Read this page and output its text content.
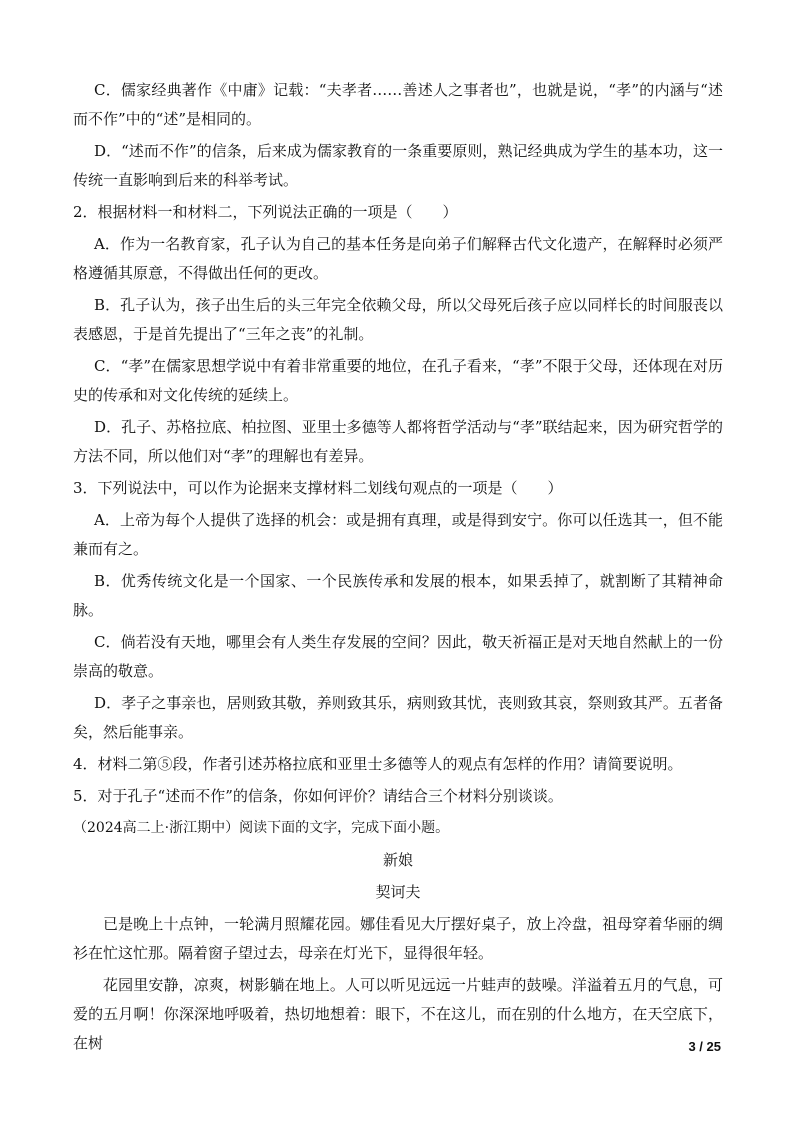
C．儒家经典著作《中庸》记载：“夫孝者……善述人之事者也”，也就是说，“孝”的内涵与“述而不作”中的“述”是相同的。

D．“述而不作”的信条，后来成为儒家教育的一条重要原则，熟记经典成为学生的基本功，这一传统一直影响到后来的科举考试。

2．根据材料一和材料二，下列说法正确的一项是（　　）

A．作为一名教育家，孔子认为自己的基本任务是向弟子们解释古代文化遗产，在解释时必须严格遵循其原意，不得做出任何的更改。

B．孔子认为，孩子出生后的头三年完全依赖父母，所以父母死后孩子应以同样长的时间服丧以表感恩，于是首先提出了“三年之丧”的礼制。

C．“孝”在儒家思想学说中有着非常重要的地位，在孔子看来，“孝”不限于父母，还体现在对历史的传承和对文化传统的延续上。

D．孔子、苏格拉底、柏拉图、亚里士多德等人都将哲学活动与“孝”联结起来，因为研究哲学的方法不同，所以他们对“孝”的理解也有差异。

3．下列说法中，可以作为论据来支撑材料二划线句观点的一项是（　　）

A．上帝为每个人提供了选择的机会：或是拥有真理，或是得到安宁。你可以任选其一，但不能兼而有之。

B．优秀传统文化是一个国家、一个民族传承和发展的根本，如果丢掉了，就割断了其精神命脉。

C．倘若没有天地，哪里会有人类生存发展的空间？因此，敬天祈福正是对天地自然献上的一份崇高的敬意。

D．孝子之事亲也，居则致其敬，养则致其乐，病则致其忧，丧则致其哀，祭则致其严。五者备矣，然后能事亲。

4．材料二第⑤段，作者引述苏格拉底和亚里士多德等人的观点有怎样的作用？请简要说明。

5．对于孔子“述而不作”的信条，你如何评价？请结合三个材料分别谈谈。

（2024高二上·浙江期中）阅读下面的文字，完成下面小题。

新娘

契诃夫

已是晚上十点钟，一轮满月照耀花园。娜佳看见大厅摆好桌子，放上冷盘，祖母穿着华丽的绸衫在忙这忙那。隔着窗子望过去，母亲在灯光下，显得很年轻。

花园里安静，凉爽，树影躺在地上。人可以听见远远一片蛙声的鼓噪。洋溢着五月的气息，可爱的五月啊！你深深地呼吸着，热切地想着：眼下，不在这儿，而在别的什么地方，在天空底下，在树	3 / 25
